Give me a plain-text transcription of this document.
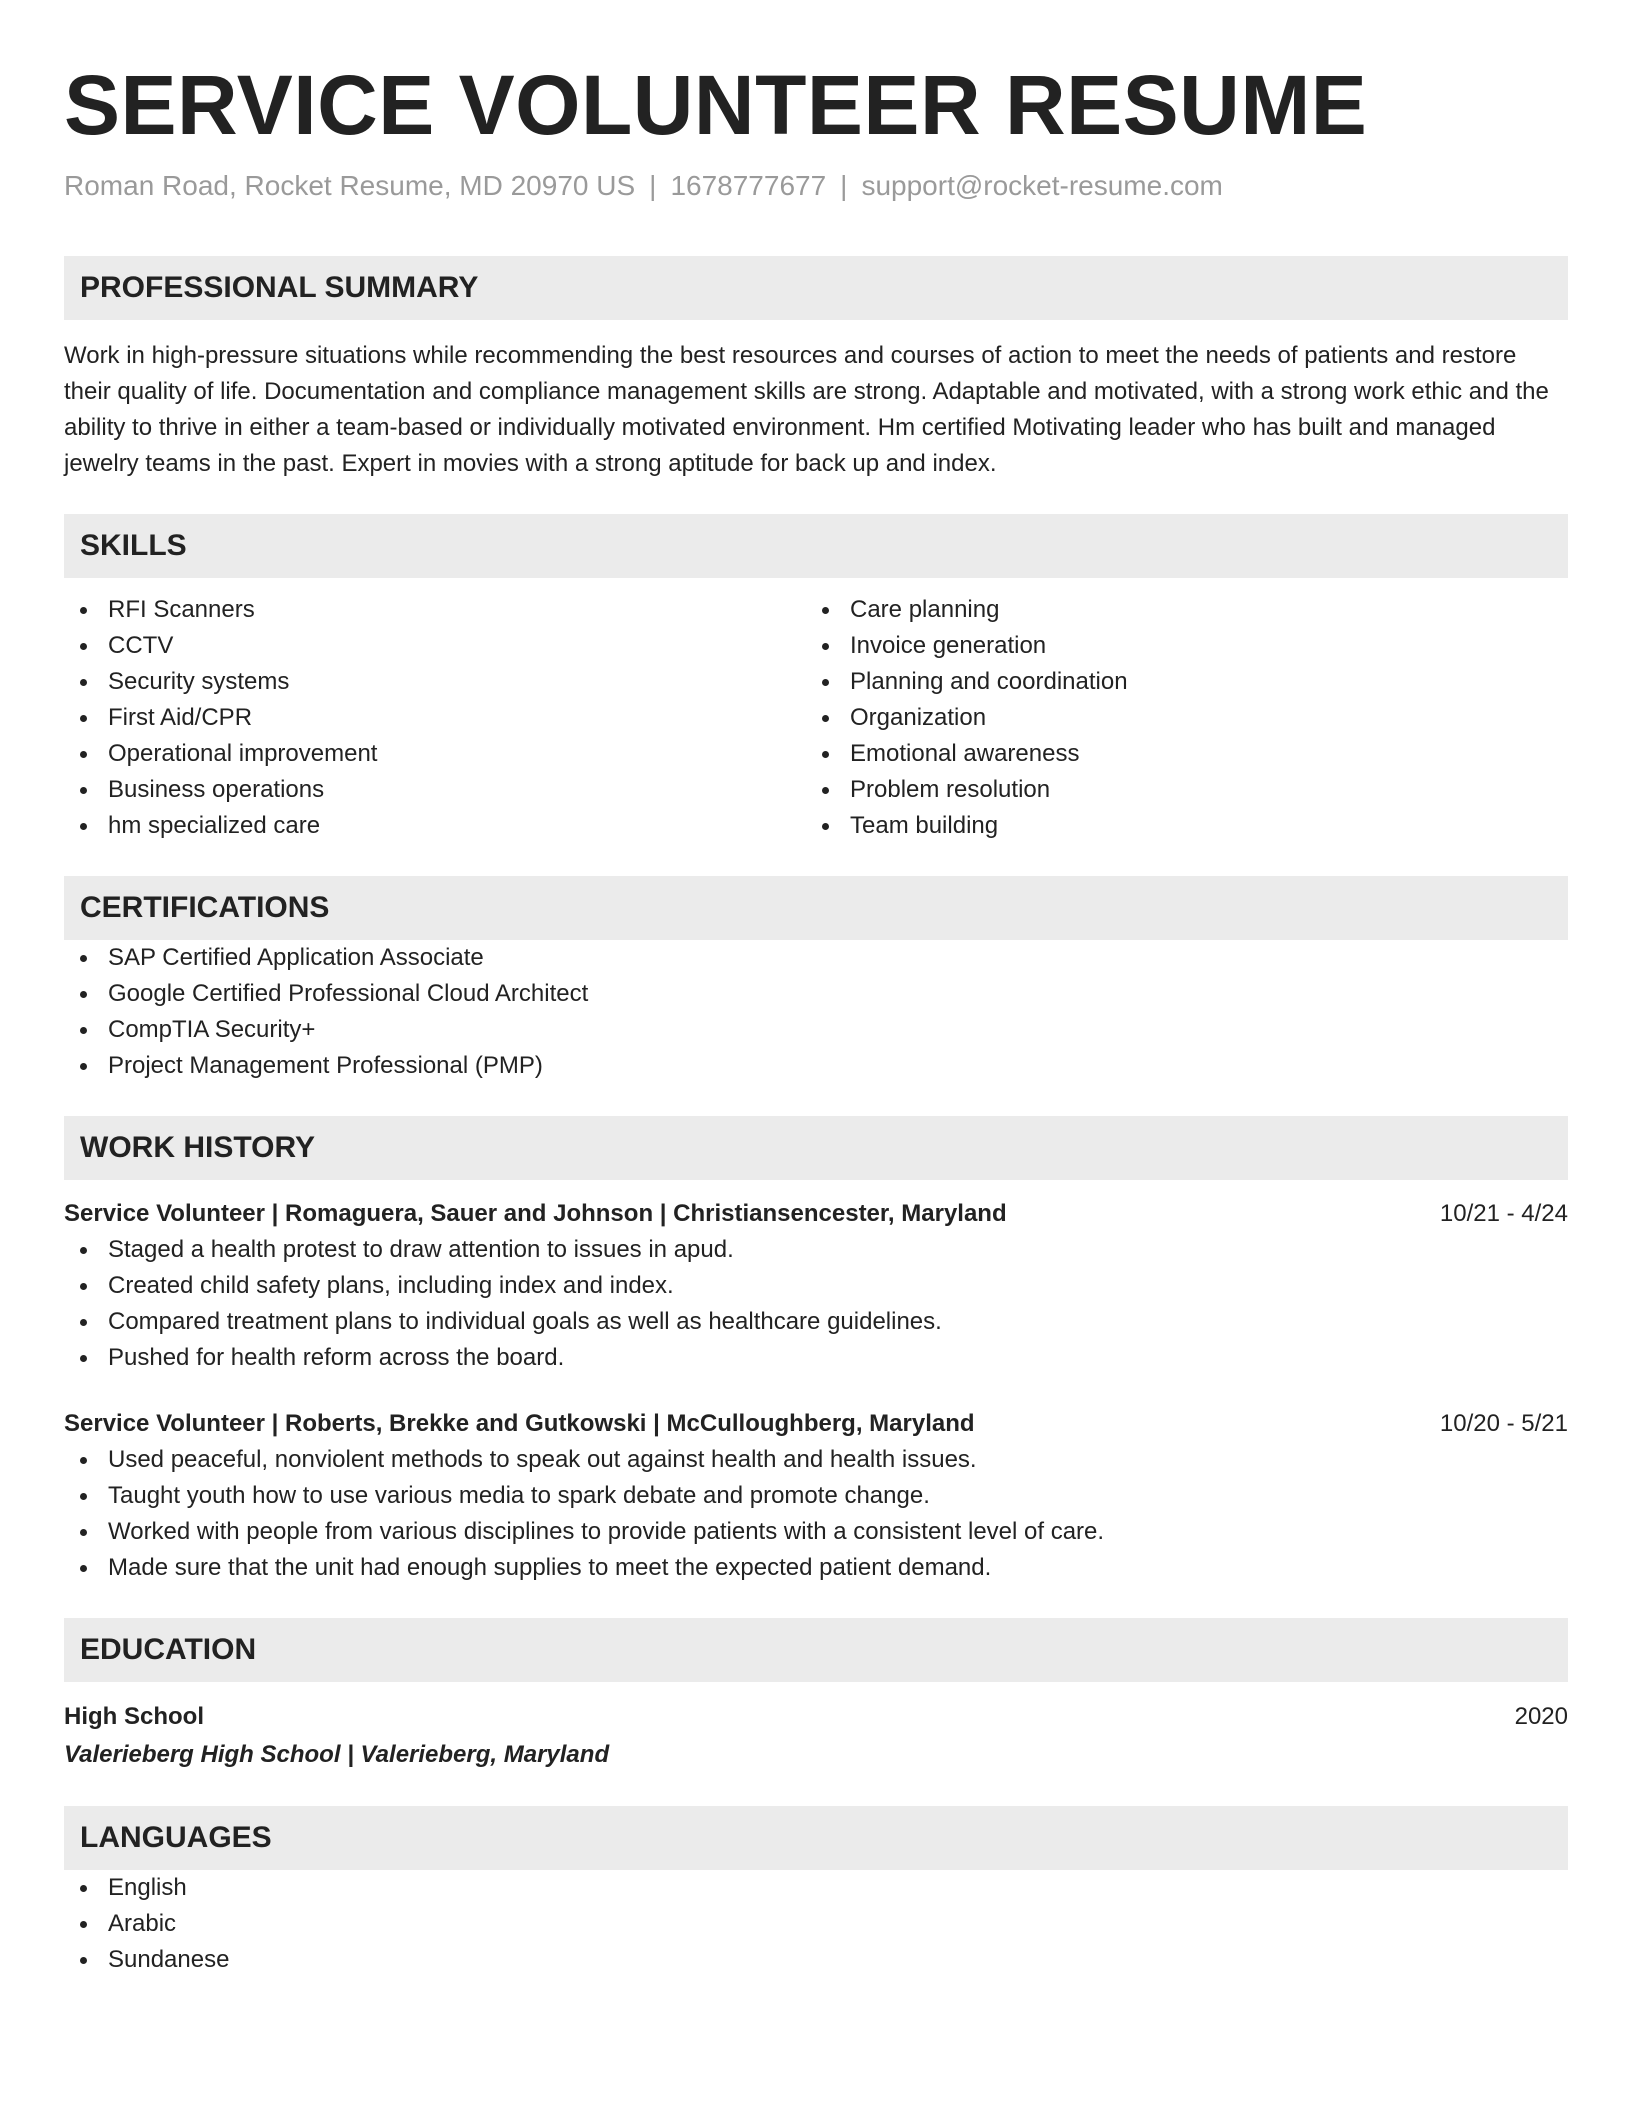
SERVICE VOLUNTEER RESUME
Roman Road, Rocket Resume, MD 20970 US | 1678777677 | support@rocket-resume.com
PROFESSIONAL SUMMARY

Work in high-pressure situations while recommending the best resources and courses of action to meet the needs of patients and restore their quality of life. Documentation and compliance management skills are strong. Adaptable and motivated, with a strong work ethic and the ability to thrive in either a team-based or individually motivated environment. Hm certified Motivating leader who has built and managed jewelry teams in the past. Expert in movies with a strong aptitude for back up and index.

SKILLS
RFI Scanners
CCTV
Security systems
First Aid/CPR
Operational improvement
Business operations
hm specialized care
Care planning
Invoice generation
Planning and coordination
Organization
Emotional awareness
Problem resolution
Team building
CERTIFICATIONS
SAP Certified Application Associate
Google Certified Professional Cloud Architect
CompTIA Security+
Project Management Professional (PMP)
WORK HISTORY
Service Volunteer | Romaguera, Sauer and Johnson | Christiansencester, Maryland	10/21 - 4/24
Staged a health protest to draw attention to issues in apud.
Created child safety plans, including index and index.
Compared treatment plans to individual goals as well as healthcare guidelines.
Pushed for health reform across the board.
Service Volunteer | Roberts, Brekke and Gutkowski | McCulloughberg, Maryland	10/20 - 5/21
Used peaceful, nonviolent methods to speak out against health and health issues.
Taught youth how to use various media to spark debate and promote change.
Worked with people from various disciplines to provide patients with a consistent level of care.
Made sure that the unit had enough supplies to meet the expected patient demand.
EDUCATION
High School	2020
Valerieberg High School | Valerieberg, Maryland
LANGUAGES
English
Arabic
Sundanese
